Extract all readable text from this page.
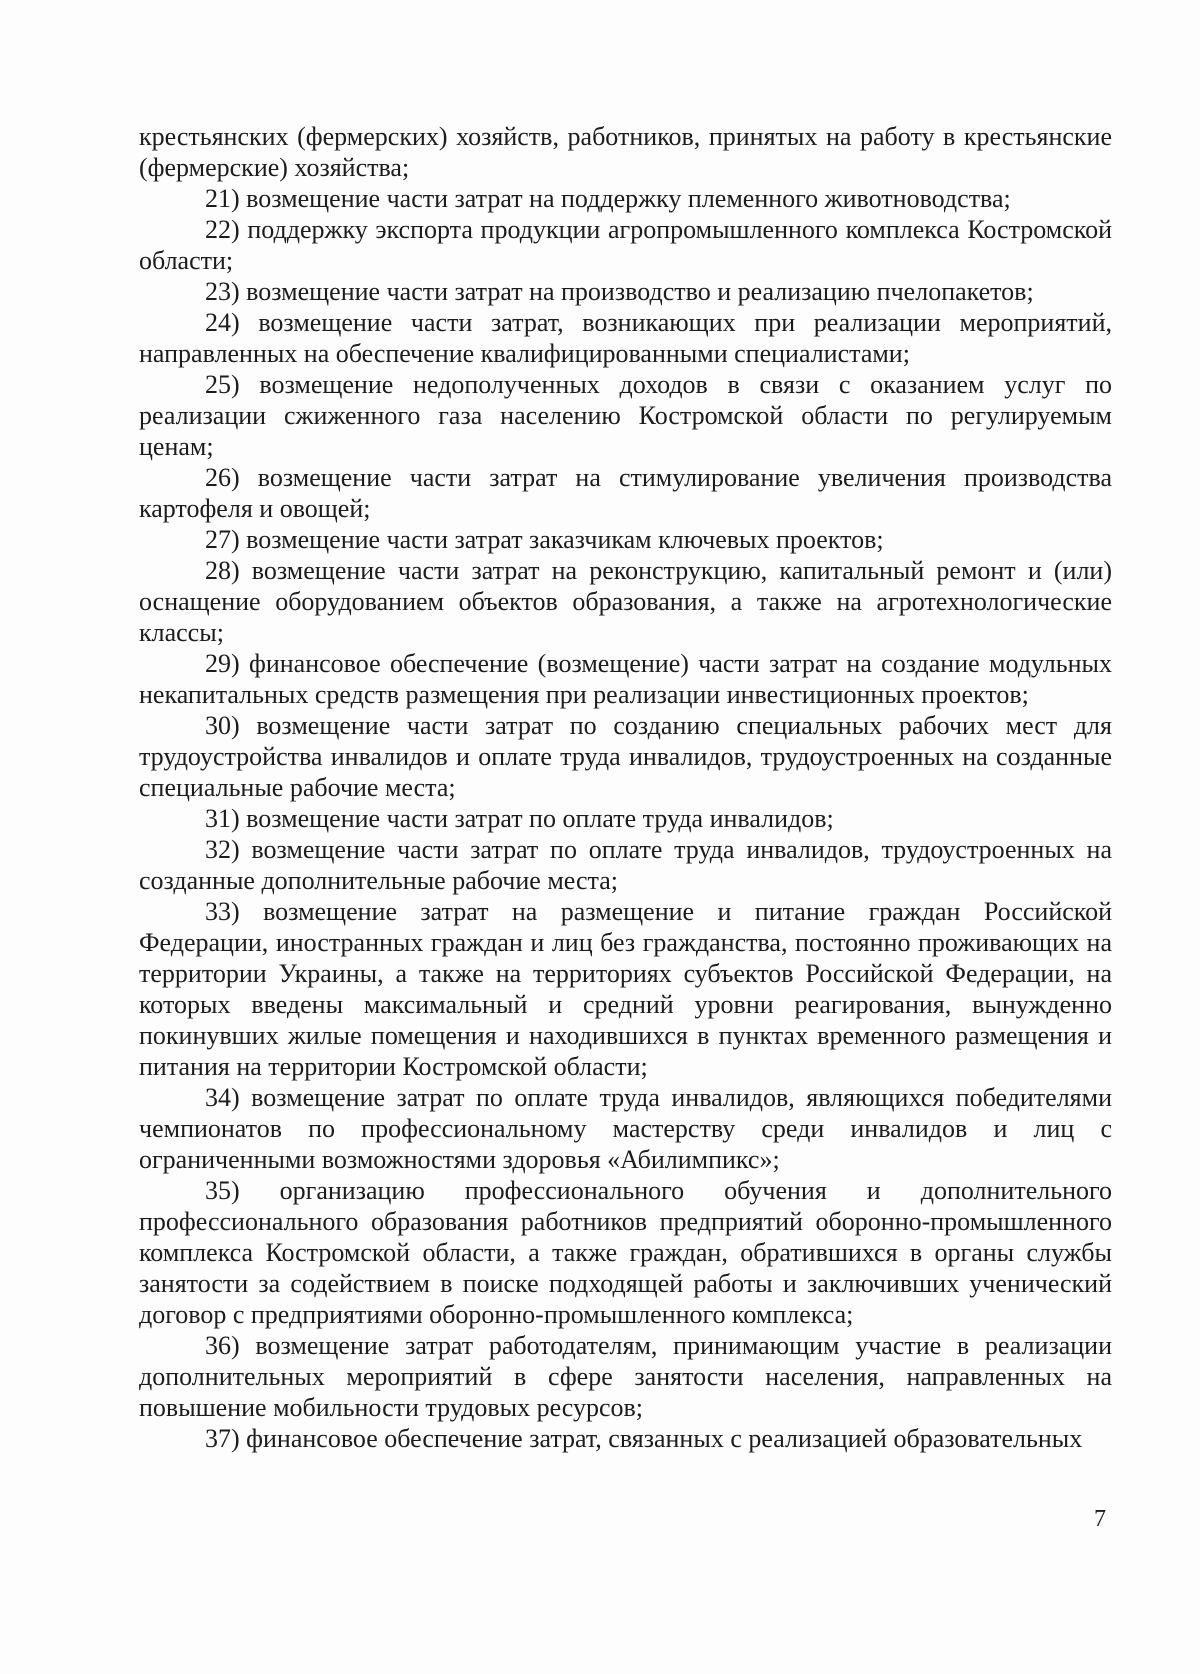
крестьянских (фермерских) хозяйств, работников, принятых на работу в крестьянские (фермерские) хозяйства;

21) возмещение части затрат на поддержку племенного животноводства;

22) поддержку экспорта продукции агропромышленного комплекса Костромской области;

23) возмещение части затрат на производство и реализацию пчелопакетов;

24) возмещение части затрат, возникающих при реализации мероприятий, направленных на обеспечение квалифицированными специалистами;

25) возмещение недополученных доходов в связи с оказанием услуг по реализации сжиженного газа населению Костромской области по регулируемым ценам;

26) возмещение части затрат на стимулирование увеличения производства картофеля и овощей;

27) возмещение части затрат заказчикам ключевых проектов;

28) возмещение части затрат на реконструкцию, капитальный ремонт и (или) оснащение оборудованием объектов образования, а также на агротехнологические классы;

29) финансовое обеспечение (возмещение) части затрат на создание модульных некапитальных средств размещения при реализации инвестиционных проектов;

30) возмещение части затрат по созданию специальных рабочих мест для трудоустройства инвалидов и оплате труда инвалидов, трудоустроенных на созданные специальные рабочие места;

31) возмещение части затрат по оплате труда инвалидов;

32) возмещение части затрат по оплате труда инвалидов, трудоустроенных на созданные дополнительные рабочие места;

33) возмещение затрат на размещение и питание граждан Российской Федерации, иностранных граждан и лиц без гражданства, постоянно проживающих на территории Украины, а также на территориях субъектов Российской Федерации, на которых введены максимальный и средний уровни реагирования, вынужденно покинувших жилые помещения и находившихся в пунктах временного размещения и питания на территории Костромской области;

34) возмещение затрат по оплате труда инвалидов, являющихся победителями чемпионатов по профессиональному мастерству среди инвалидов и лиц с ограниченными возможностями здоровья «Абилимпикс»;

35) организацию профессионального обучения и дополнительного профессионального образования работников предприятий оборонно-промышленного комплекса Костромской области, а также граждан, обратившихся в органы службы занятости за содействием в поиске подходящей работы и заключивших ученический договор с предприятиями оборонно-промышленного комплекса;

36) возмещение затрат работодателям, принимающим участие в реализации дополнительных мероприятий в сфере занятости населения, направленных на повышение мобильности трудовых ресурсов;

37) финансовое обеспечение затрат, связанных с реализацией образовательных

7
